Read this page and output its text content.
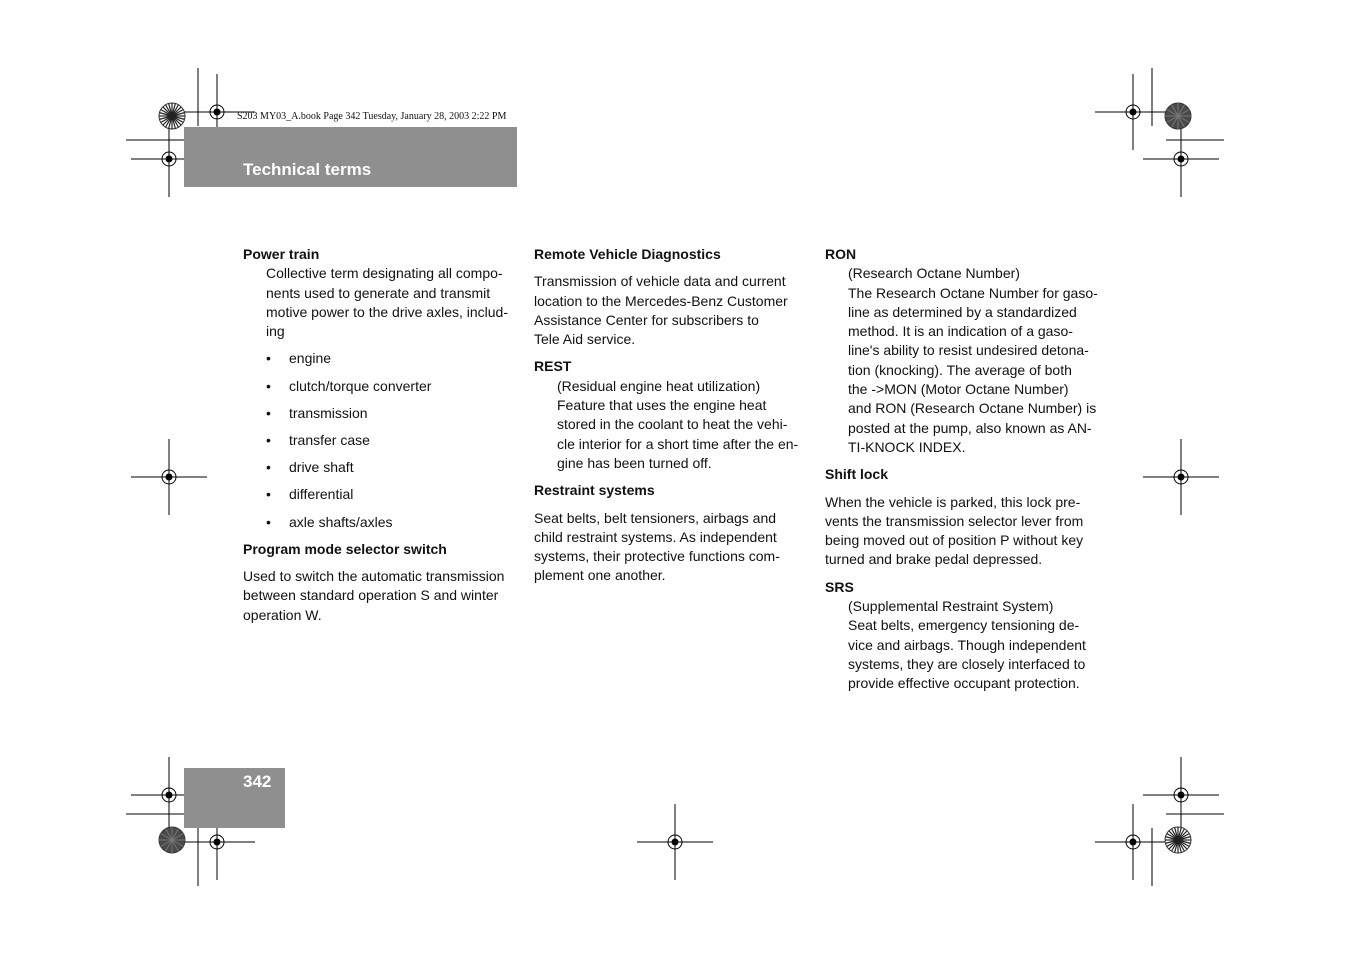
S203 MY03_A.book Page 342 Tuesday, January 28, 2003 2:22 PM
Technical terms
342
Power train
Collective term designating all compo-
nents used to generate and transmit
motive power to the drive axles, includ-
ing
• engine
• clutch/torque converter
• transmission
• transfer case
• drive shaft
• differential
• axle shafts/axles
Program mode selector switch
Used to switch the automatic transmission
between standard operation S and winter
operation W.
Remote Vehicle Diagnostics
Transmission of vehicle data and current
location to the Mercedes-Benz Customer
Assistance Center for subscribers to
Tele Aid service.
REST
(Residual engine heat utilization)
Feature that uses the engine heat
stored in the coolant to heat the vehi-
cle interior for a short time after the en-
gine has been turned off.
Restraint systems
Seat belts, belt tensioners, airbags and
child restraint systems. As independent
systems, their protective functions com-
plement one another.
RON
(Research Octane Number)
The Research Octane Number for gaso-
line as determined by a standardized
method. It is an indication of a gaso-
line's ability to resist undesired detona-
tion (knocking). The average of both
the ->MON (Motor Octane Number)
and RON (Research Octane Number) is
posted at the pump, also known as AN-
TI-KNOCK INDEX.
Shift lock
When the vehicle is parked, this lock pre-
vents the transmission selector lever from
being moved out of position P without key
turned and brake pedal depressed.
SRS
(Supplemental Restraint System)
Seat belts, emergency tensioning de-
vice and airbags. Though independent
systems, they are closely interfaced to
provide effective occupant protection.
